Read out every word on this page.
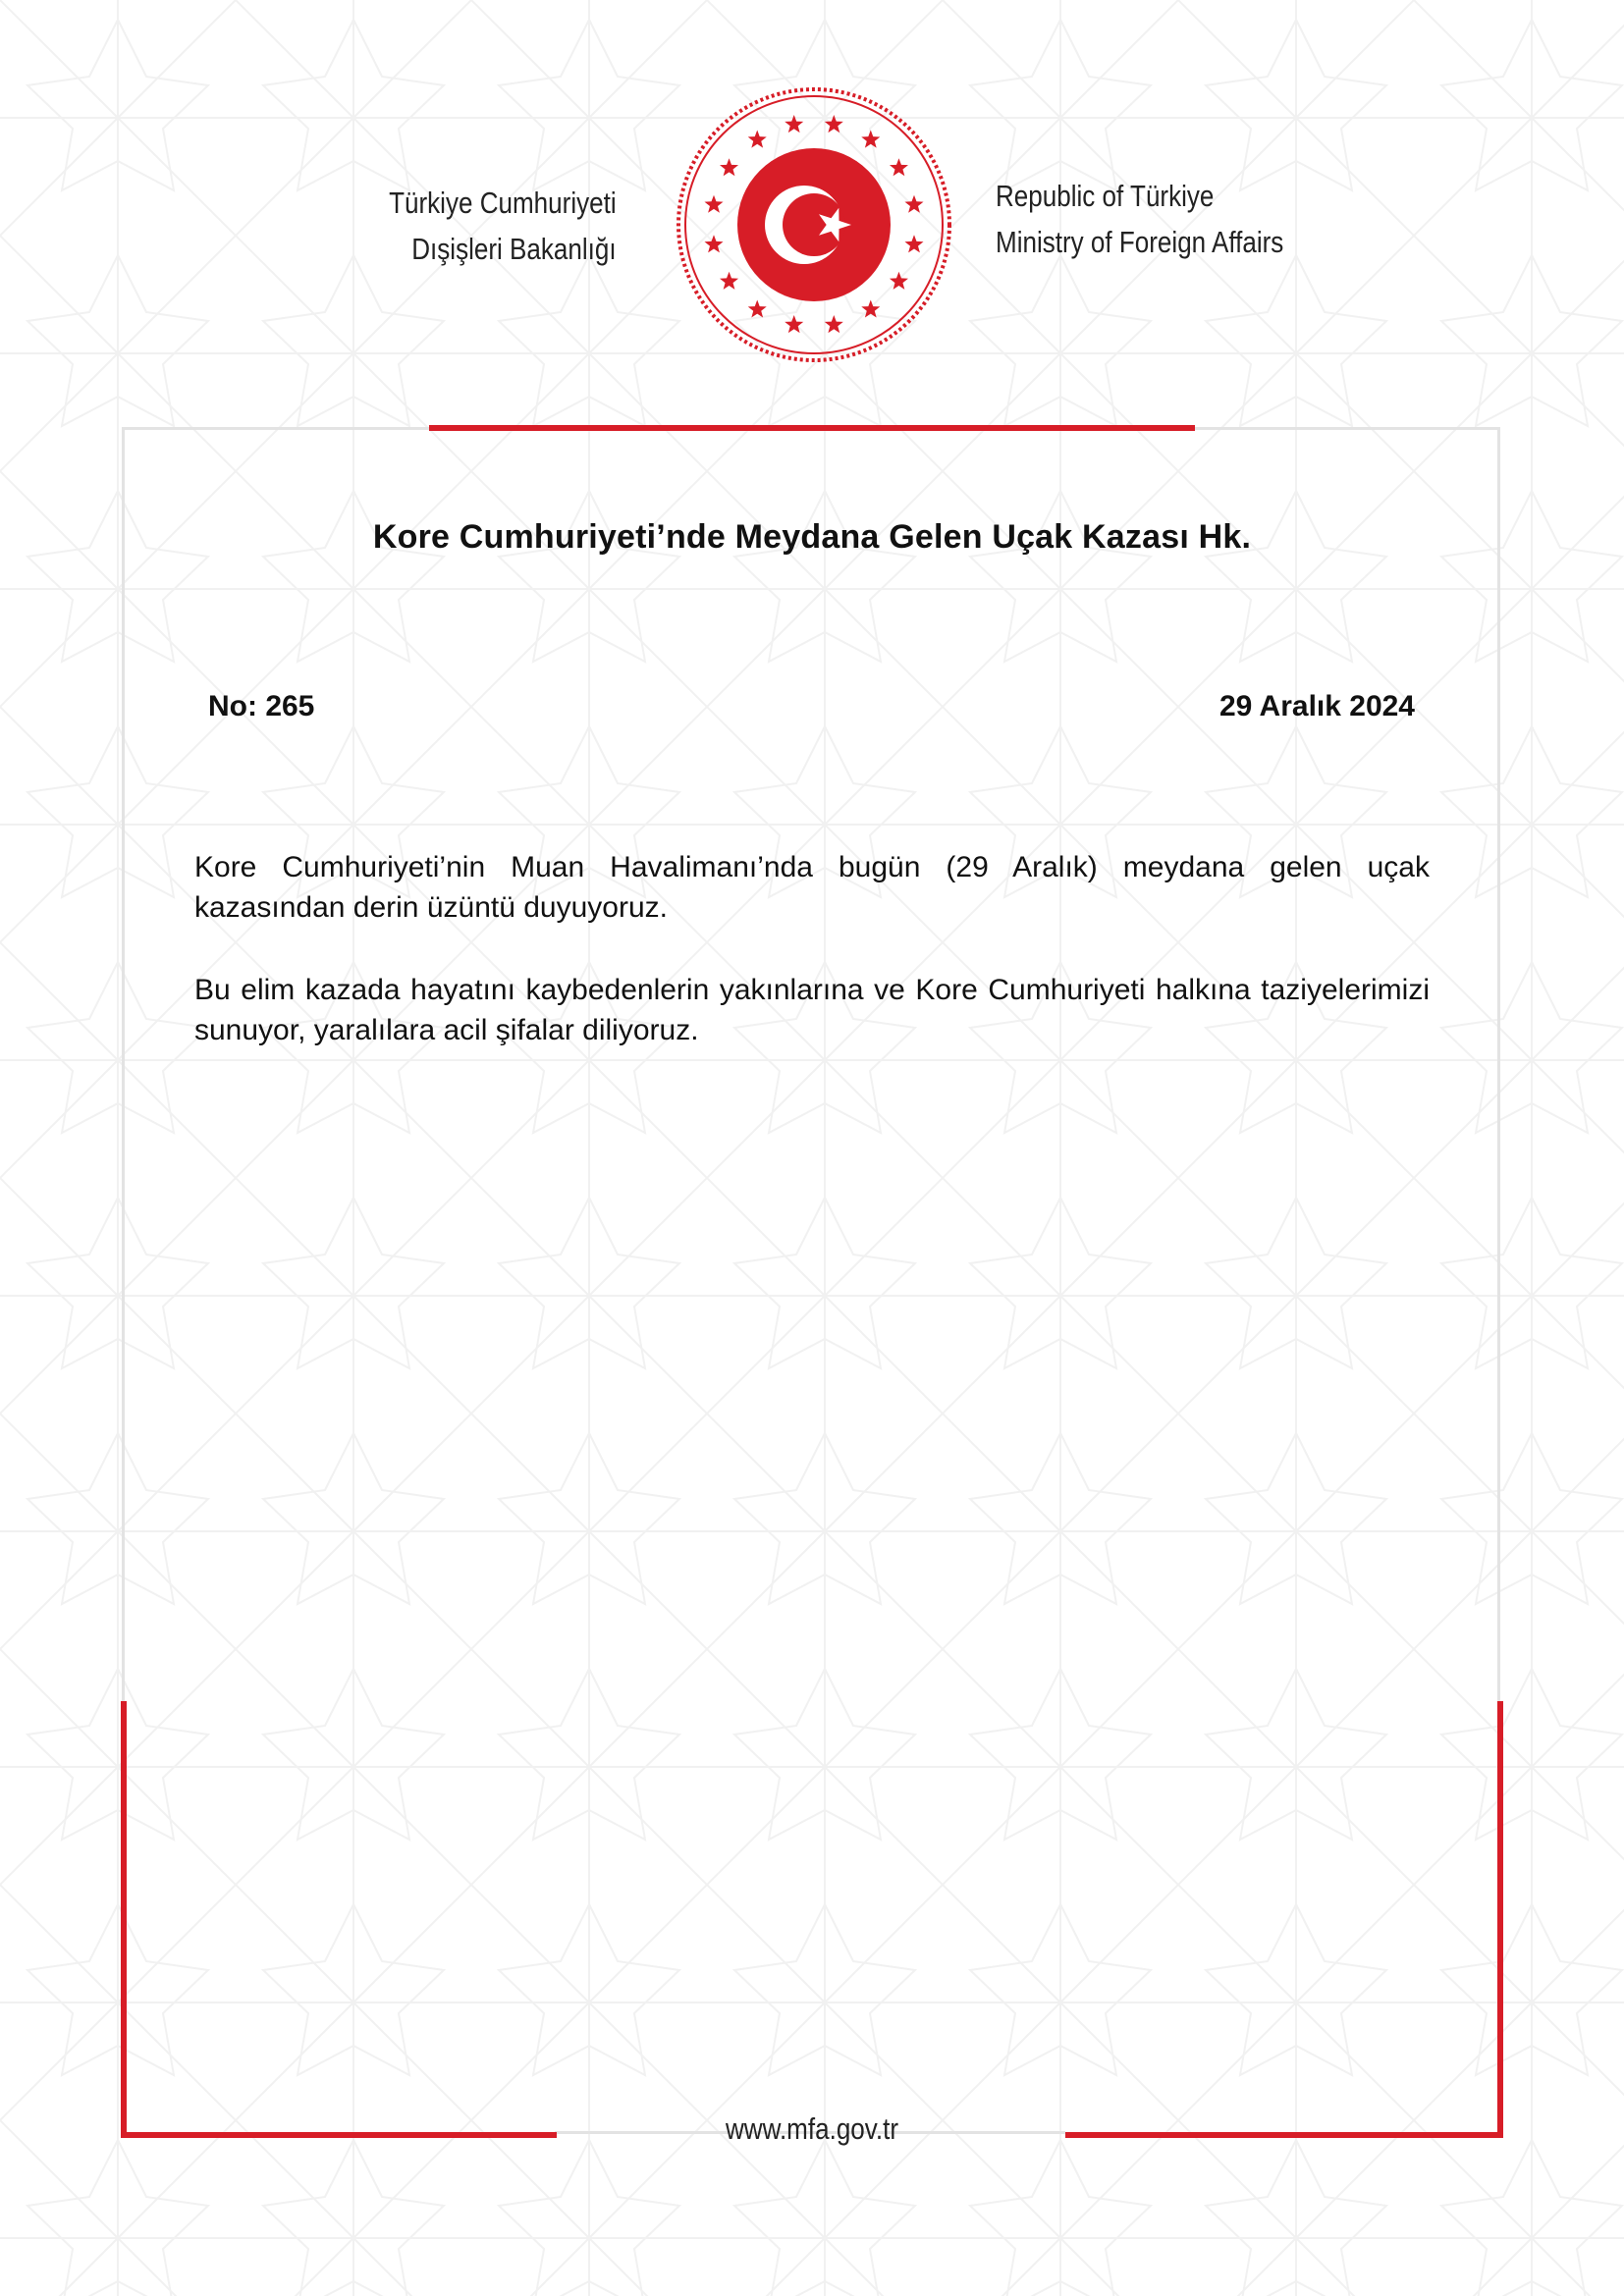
Türkiye Cumhuriyeti
Dışişleri Bakanlığı
Republic of Türkiye
Ministry of Foreign Affairs
Kore Cumhuriyeti’nde Meydana Gelen Uçak Kazası Hk.
No: 265	29 Aralık 2024
Kore Cumhuriyeti’nin Muan Havalimanı’nda bugün (29 Aralık) meydana gelen uçak kazasından derin üzüntü duyuyoruz.
Bu elim kazada hayatını kaybedenlerin yakınlarına ve Kore Cumhuriyeti halkına taziyelerimizi sunuyor, yaralılara acil şifalar diliyoruz.
www.mfa.gov.tr
